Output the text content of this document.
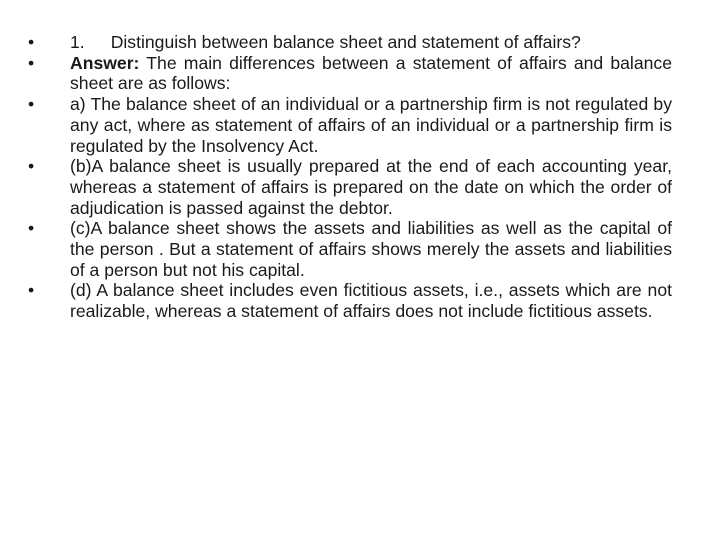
•	1. Distinguish between balance sheet and statement of affairs?
•	Answer: The main differences between a statement of affairs and balance sheet are as follows:
•	a) The balance sheet of an individual or a partnership firm is not regulated by any act, where as statement of affairs of an individual or a partnership firm is regulated by the Insolvency Act.
•	(b)A balance sheet is usually prepared at the end of each accounting year, whereas a statement of affairs is prepared on the date on which the order of adjudication is passed against the debtor.
•	(c)A balance sheet shows the assets and liabilities as well as the capital of the person . But a statement of affairs shows merely the assets and liabilities of a person but not his capital.
•	(d) A balance sheet includes even fictitious assets, i.e., assets which are not realizable, whereas a statement of affairs does not include fictitious assets.
